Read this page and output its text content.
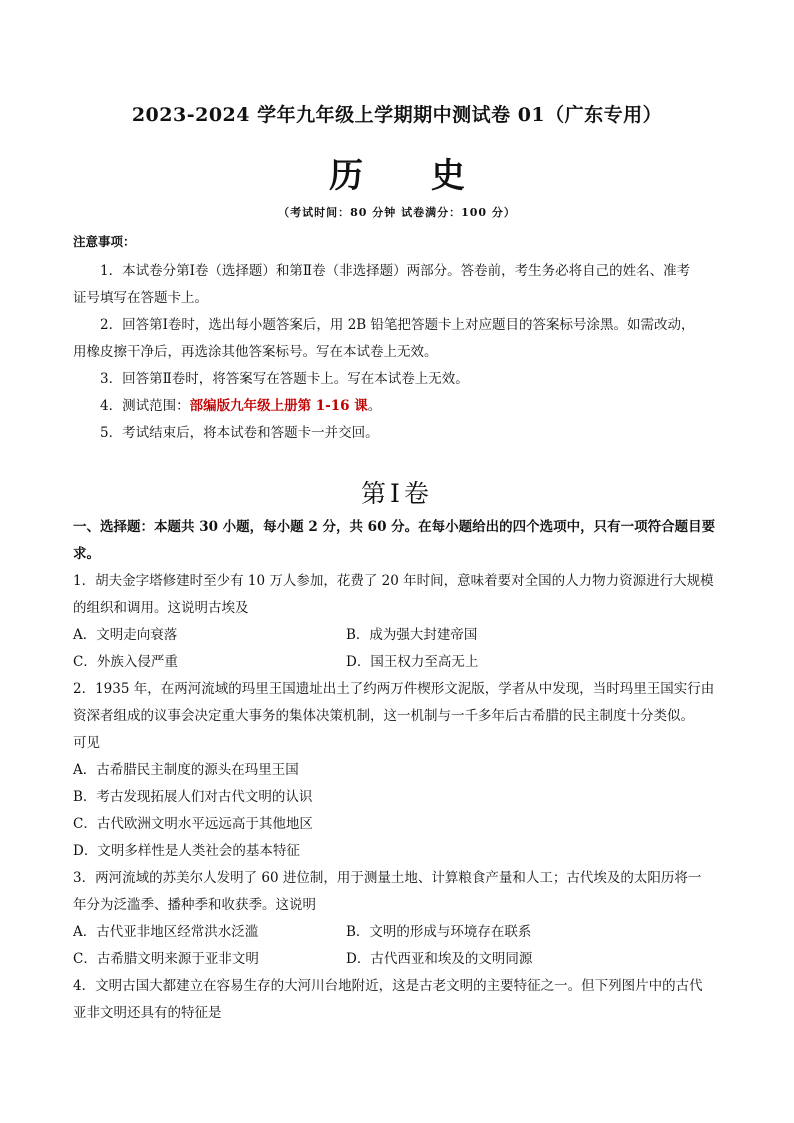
2023-2024 学年九年级上学期期中测试卷 01（广东专用）
历 史
（考试时间：80 分钟 试卷满分：100 分）
注意事项：
1．本试卷分第Ⅰ卷（选择题）和第Ⅱ卷（非选择题）两部分。答卷前，考生务必将自己的姓名、准考
证号填写在答题卡上。
2．回答第Ⅰ卷时，选出每小题答案后，用 2B 铅笔把答题卡上对应题目的答案标号涂黑。如需改动，
用橡皮擦干净后，再选涂其他答案标号。写在本试卷上无效。
3．回答第Ⅱ卷时，将答案写在答题卡上。写在本试卷上无效。
4．测试范围：部编版九年级上册第 1-16 课。
5．考试结束后，将本试卷和答题卡一并交回。
第Ⅰ卷
一、选择题：本题共 30 小题，每小题 2 分，共 60 分。在每小题给出的四个选项中，只有一项符合题目要
求。
1．胡夫金字塔修建时至少有 10 万人参加，花费了 20 年时间，意味着要对全国的人力物力资源进行大规模
的组织和调用。这说明古埃及
A．文明走向衰落	B．成为强大封建帝国
C．外族入侵严重	D．国王权力至高无上
2．1935 年，在两河流域的玛里王国遗址出土了约两万件楔形文泥版，学者从中发现，当时玛里王国实行由
资深者组成的议事会决定重大事务的集体决策机制，这一机制与一千多年后古希腊的民主制度十分类似。
可见
A．古希腊民主制度的源头在玛里王国
B．考古发现拓展人们对古代文明的认识
C．古代欧洲文明水平远远高于其他地区
D．文明多样性是人类社会的基本特征
3．两河流域的苏美尔人发明了 60 进位制，用于测量土地、计算粮食产量和人工；古代埃及的太阳历将一
年分为泛滥季、播种季和收获季。这说明
A．古代亚非地区经常洪水泛滥	B．文明的形成与环境存在联系
C．古希腊文明来源于亚非文明	D．古代西亚和埃及的文明同源
4．文明古国大都建立在容易生存的大河川台地附近，这是古老文明的主要特征之一。但下列图片中的古代
亚非文明还具有的特征是
